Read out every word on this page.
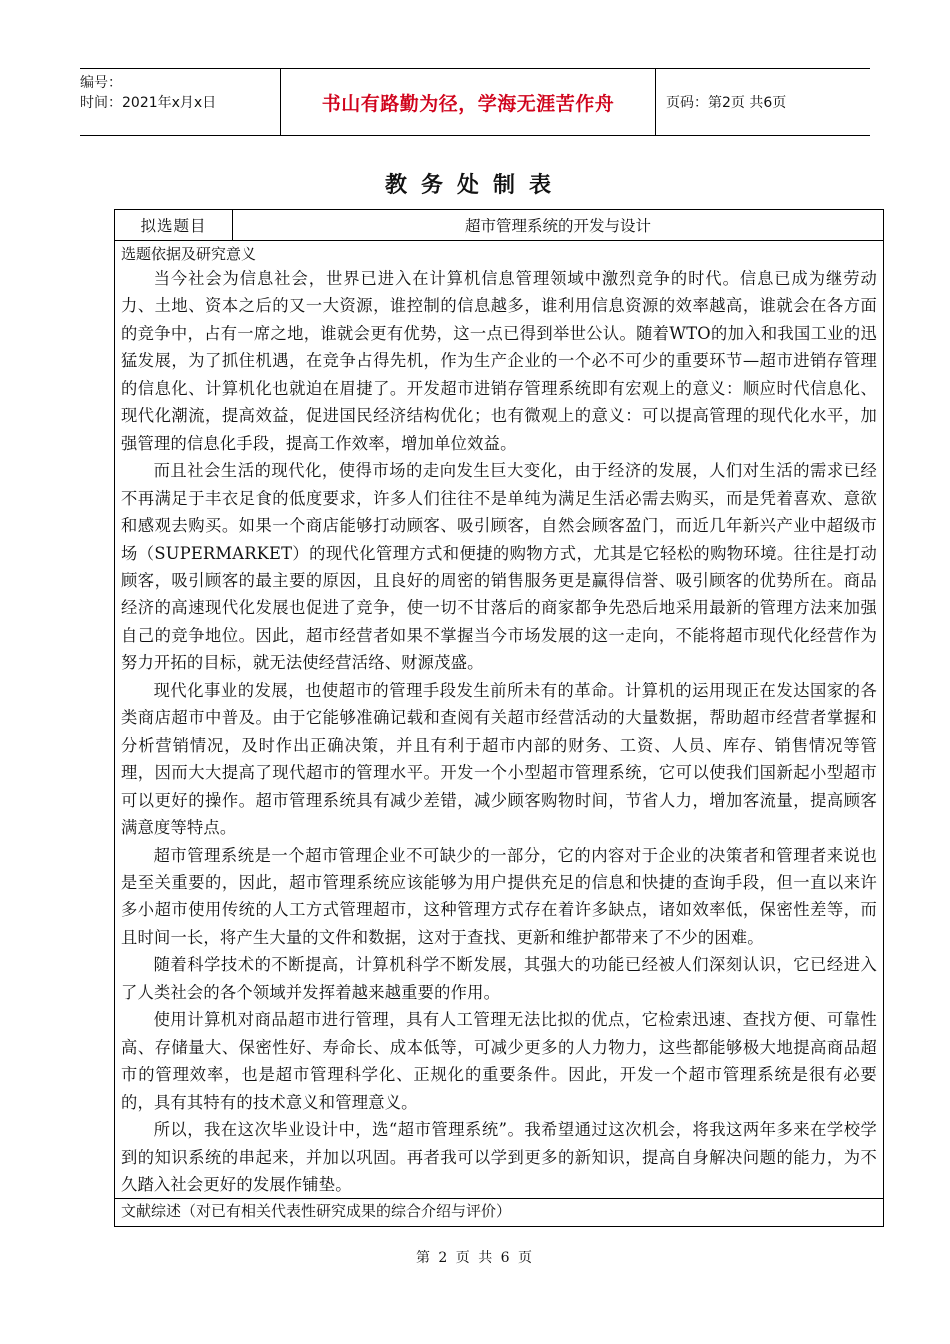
编号：
时间：2021年x月x日	书山有路勤为径，学海无涯苦作舟	页码：第2页 共6页
教务处制表
拟选题目	超市管理系统的开发与设计
选题依据及研究意义

当今社会为信息社会，世界已进入在计算机信息管理领域中激烈竞争的时代。信息已成为继劳动力、土地、资本之后的又一大资源，谁控制的信息越多，谁利用信息资源的效率越高，谁就会在各方面的竞争中，占有一席之地，谁就会更有优势，这一点已得到举世公认。随着WTO的加入和我国工业的迅猛发展，为了抓住机遇，在竞争占得先机，作为生产企业的一个必不可少的重要环节—超市进销存管理的信息化、计算机化也就迫在眉捷了。开发超市进销存管理系统即有宏观上的意义：顺应时代信息化、现代化潮流，提高效益，促进国民经济结构优化；也有微观上的意义：可以提高管理的现代化水平，加强管理的信息化手段，提高工作效率，增加单位效益。

而且社会生活的现代化，使得市场的走向发生巨大变化，由于经济的发展，人们对生活的需求已经不再满足于丰衣足食的低度要求，许多人们往往不是单纯为满足生活必需去购买，而是凭着喜欢、意欲和感观去购买。如果一个商店能够打动顾客、吸引顾客，自然会顾客盈门，而近几年新兴产业中超级市场（SUPERMARKET）的现代化管理方式和便捷的购物方式，尤其是它轻松的购物环境。往往是打动顾客，吸引顾客的最主要的原因，且良好的周密的销售服务更是赢得信誉、吸引顾客的优势所在。商品经济的高速现代化发展也促进了竞争，使一切不甘落后的商家都争先恐后地采用最新的管理方法来加强自己的竞争地位。因此，超市经营者如果不掌握当今市场发展的这一走向，不能将超市现代化经营作为努力开拓的目标，就无法使经营活络、财源茂盛。

现代化事业的发展，也使超市的管理手段发生前所未有的革命。计算机的运用现正在发达国家的各类商店超市中普及。由于它能够准确记载和查阅有关超市经营活动的大量数据，帮助超市经营者掌握和分析营销情况，及时作出正确决策，并且有利于超市内部的财务、工资、人员、库存、销售情况等管理，因而大大提高了现代超市的管理水平。开发一个小型超市管理系统，它可以使我们国新起小型超市可以更好的操作。超市管理系统具有减少差错，减少顾客购物时间，节省人力，增加客流量，提高顾客满意度等特点。

超市管理系统是一个超市管理企业不可缺少的一部分，它的内容对于企业的决策者和管理者来说也是至关重要的，因此，超市管理系统应该能够为用户提供充足的信息和快捷的查询手段，但一直以来许多小超市使用传统的人工方式管理超市，这种管理方式存在着许多缺点，诸如效率低，保密性差等，而且时间一长，将产生大量的文件和数据，这对于查找、更新和维护都带来了不少的困难。

随着科学技术的不断提高，计算机科学不断发展，其强大的功能已经被人们深刻认识，它已经进入了人类社会的各个领域并发挥着越来越重要的作用。

使用计算机对商品超市进行管理，具有人工管理无法比拟的优点，它检索迅速、查找方便、可靠性高、存储量大、保密性好、寿命长、成本低等，可减少更多的人力物力，这些都能够极大地提高商品超市的管理效率，也是超市管理科学化、正规化的重要条件。因此，开发一个超市管理系统是很有必要的，具有其特有的技术意义和管理意义。

所以，我在这次毕业设计中，选“超市管理系统”。我希望通过这次机会，将我这两年多来在学校学到的知识系统的串起来，并加以巩固。再者我可以学到更多的新知识，提高自身解决问题的能力，为不久踏入社会更好的发展作铺垫。

文献综述（对已有相关代表性研究成果的综合介绍与评价）
第 2 页 共 6 页
